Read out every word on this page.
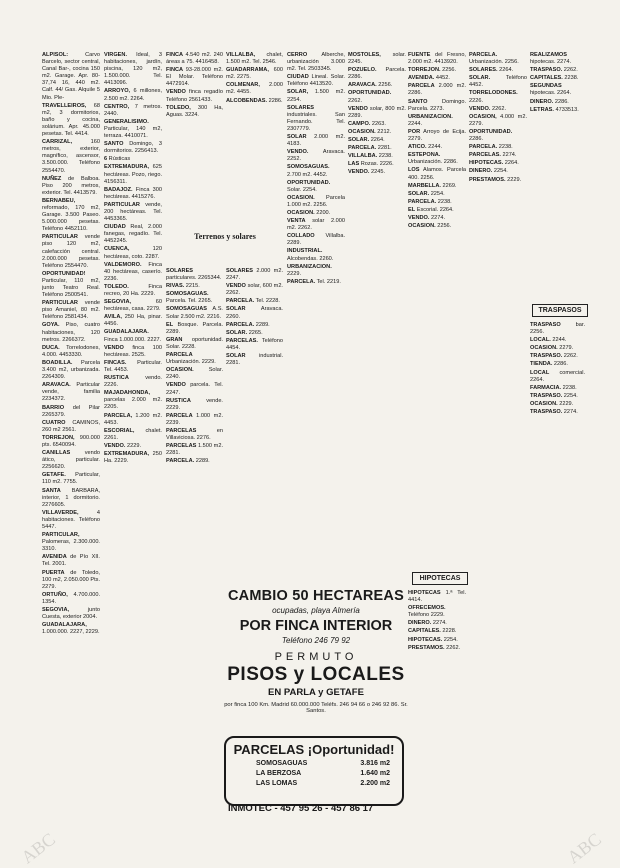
ALPISOL: Carvo Barcelo, sector central, Canal Bar-, cocina 150 m2. Garage. Apr. 80-37,74 16, 440 m2. Calf. 44/ Gas. Alquile 5 Mio. Ple-

TRAVELLEIROS, 68 m2, 3 dormitorios, baño y cocina, solárium. Apr. 45.000 pesetas. Tel. 4414.

CARRIZAL, 160 metros, exterior, magnífico, ascensor, 3.500.000. Teléfono 2554470.

NUÑEZ de Balboa. Piso 200 metros, exterior. Tel. 4413579.

BERNABEU, reformado, 170 m2, Garage. 3.500 Paseo. 5.000.000 pesetas. Teléfono 4452110.

PARTICULAR vende piso 120 m2, calefacción central. 2.000.000 pesetas. Teléfono 2554470.

OPORTUNIDAD! Particular, 110 m2, junto Teatro Real. Teléfono 2500541.

PARTICULAR vende piso Amaniel, 80 m2. Teléfono 2581434.

GOYA. Piso, cuatro habitaciones, 120 metros. 2266372.

DUCA. Torrelodones, 4.000. 4453330.

BOADILLA. Parcela 3.400 m2, urbanizada. 2264309.

ARAVACA. Particular vende, familia 2234372.

BARRIO del Pilar 2265379.

CUATRO CAMINOS, 260 m2 2561.

TORREJON, 900.000 pts. 6540094.

CANILLAS vendo ático, particular. 2256620.

GETAFE. Particular, 110 m2. 7755.

SANTA BARBARA, interior, 1 dormitorio. 2276605.

VILLAVERDE, 4 habitaciones. Teléfono 5447.

PARTICULAR, Palomeras, 2.300.000. 3310.

AVENIDA de Pío XII. Tel. 2001.

PUERTA de Toledo, 100 m2, 2.050.000 Pts. 2279.

ORTUÑO, 4.700.000. 1354.

SEGOVIA, junto Cuesta, exterior 2004.

GUADALAJARA, 1.000.000. 2227, 2229.

VIRGEN. Ideal, 3 habitaciones, jardín, piscina, 120 m2, 1.500.000. Tel. 4413096.

ARROYO, 6 millones, 2.500 m2. 2264.

CENTRO, 7 metros. 2440.

GENERALISIMO. Particular, 140 m2, terraza. 4410071.

SANTO Domingo, 3 dormitorios. 2256413.

6 Rústicas

EXTREMADURA, 625 hectáreas. Pozo, riego. 4156311.

BADAJOZ. Finca 300 hectáreas. 4415276.

PARTICULAR vende, 200 hectáreas. Tel. 4453365.

CIUDAD Real, 2.000 fanegas, regadío. Tel. 4452245.

CUENCA, 120 hectáreas, coto. 2287.

VALDEMORO. Finca 40 hectáreas, caserío. 2236.

TOLEDO. Finca recreo, 20 Ha. 2229.

SEGOVIA, 60 hectáreas, casa. 2279.

AVILA, 250 Ha, pinar. 4456.

GUADALAJARA. Finca 1.000.000. 2227.

VENDO finca 100 hectáreas. 2525.

FINCAS. Particular. Tel. 4453.

RUSTICA vendo. 2226.

MAJADAHONDA, parcelas 2.000 m2. 2205.

PARCELA, 1.200 m2. 4453.

ESCORIAL, chalet. 2261.

VENDO. 2229.

EXTREMADURA, 250 Ha. 2229.

FINCA 4.540 m2. 240 áreas a 75. 4416458.

FINCA 93-28.000 m2. El Molar. Teléfono 4472914.

VENDO finca regadío Teléfono 2561433.

TOLEDO, 300 Ha, Aguas. 3224.

VILLALBA, chalet, 1.500 m2. Tel. 2546.

GUADARRAMA, 600 m2. 2275.

COLMENAR, 2.000 m2. 4455.

ALCOBENDAS. 2286.

Terrenos y solares

SOLARES particulares. 2265344.

RIVAS. 2215.

SOMOSAGUAS. Parcela. Tel. 2265.

SOMOSAGUAS A.S. Solar 2.500 m2. 2216.

EL Bosque. Parcela. 2289.

GRAN oportunidad. Solar. 2228.

PARCELA Urbanización. 2229.

OCASION. Solar. 2240.

VENDO parcela. Tel. 2247.

RUSTICA vende. 2229.

PARCELA 1.000 m2. 2239.

PARCELAS en Villaviciosa. 2276.

PARCELAS 1.500 m2. 2281.

PARCELA. 2289.

SOLARES 2.000 m2. 2247.

VENDO solar, 600 m2. 2262.

PARCELA. Tel. 2228.

SOLAR Aravaca. 2260.

PARCELA. 2289.

SOLAR. 2265.

PARCELAS. Teléfono 4454.

SOLAR industrial. 2281.

CERRO Alberche, urbanización 3.000 m2. Tel. 2503345.

CIUDAD Lineal. Solar. Teléfono 4413520.

SOLAR, 1.500 m2. 2254.

SOLARES industriales. San Fernando. Tel. 2307779.

SOLAR 2.000 m2. 4183.

VENDO. Aravaca. 2252.

SOMOSAGUAS. 2.700 m2. 4452.

OPORTUNIDAD. Solar. 2254.

OCASION. Parcela 1.000 m2. 2256.

OCASION. 2200.

VENTA solar 2.000 m2. 2262.

COLLADO Villalba. 2289.

INDUSTRIAL. Alcobendas. 2260.

URBANIZACION. 2229.

PARCELA. Tel. 2219.

MOSTOLES, solar. 2245.

POZUELO. Parcela. 2286.

ARAVACA. 2256.

OPORTUNIDAD. 2262.

VENDO solar, 800 m2. 2289.

CAMPO. 2263.

OCASION. 2212.

SOLAR. 2264.

PARCELA. 2281.

VILLALBA. 2238.

LAS Rozas. 2226.

VENDO. 2245.

FUENTE del Fresno, 2.000 m2. 4413920.

TORREJON. 2256.

AVENIDA. 4452.

PARCELA 2.000 m2. 2286.

SANTO Domingo. Parcela. 2273.

URBANIZACION. 2244.

POR Arroyo de Ecija. 2279.

ATICO. 2244.

ESTEPONA. Urbanización. 2286.

LOS Alamos. Parcela 400. 2256.

MARBELLA. 2269.

SOLAR. 2254.

PARCELA. 2238.

EL Escorial. 2264.

VENDO. 2274.

OCASION. 2256.

HIPOTECAS

HIPOTECAS 1.ª Tel. 4414.

OFRECEMOS. Teléfono 2229.

DINERO. 2274.

CAPITALES. 2228.

HIPOTECAS. 2254.

PRESTAMOS. 2262.

PARCELA. Urbanización. 2256.

SOLARES. 2264.

SOLAR. Teléfono 4452.

TORRELODONES. 2226.

VENDO. 2262.

OCASION, 4.000 m2. 2279.

OPORTUNIDAD. 2286.

PARCELA. 2238.

PARCELAS. 2274.

HIPOTECAS. 2264.

DINERO. 2254.

PRESTAMOS. 2229.

REALIZAMOS hipotecas. 2274.

TRASPASO. 2262.

CAPITALES. 2238.

SEGUNDAS hipotecas. 2264.

DINERO. 2286.

LETRAS. 4733513.

TRASPASOS

TRASPASO bar. 2256.

LOCAL. 2244.

OCASION. 2279.

TRASPASO. 2262.

TIENDA. 2286.

LOCAL comercial. 2264.

FARMACIA. 2238.

TRASPASO. 2254.

OCASION. 2229.

TRASPASO. 2274.

CAMBIO 50 HECTAREAS
ocupadas, playa Almería
POR FINCA INTERIOR
Teléfono 246 79 92
PERMUTO
PISOS y LOCALES
EN PARLA y GETAFE
por finca 100 Km. Madrid 60.000.000 Teléfs. 246 94 66 o 246 92 86. Sr. Santos.
PARCELAS ¡Oportunidad!
SOMOSAGUAS	3.816 m2
LA BERZOSA	1.640 m2
LAS LOMAS	2.200 m2
INMOTEC - 457 95 26 - 457 86 17
ABC	ABC
